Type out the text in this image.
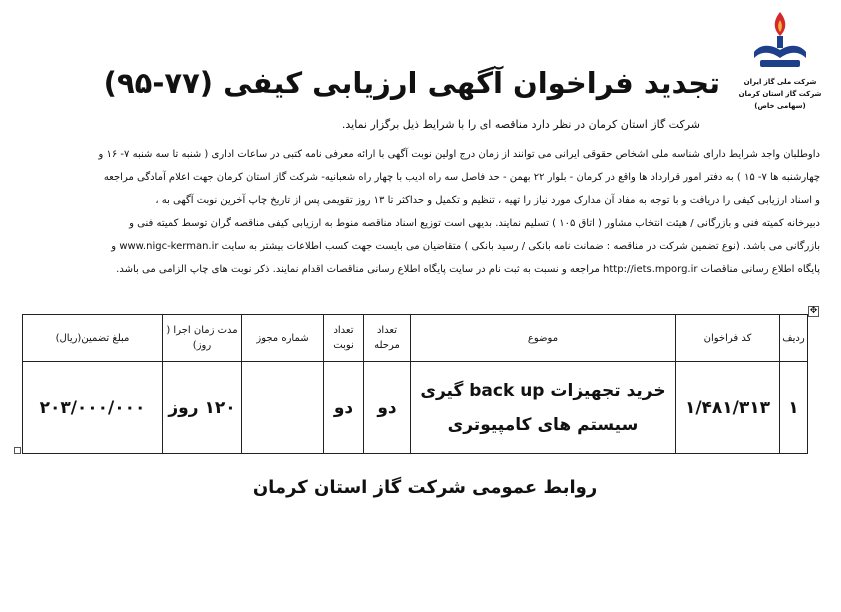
شرکت ملی گاز ایران
شرکت گاز استان کرمان
(سهامی خاص)
تجدید فراخوان آگهی ارزیابی کیفی (۷۷-۹۵)
شرکت گاز استان کرمان در نظر دارد مناقصه ای را با شرایط ذیل برگزار نماید.
داوطلبان واجد شرایط دارای شناسه ملی اشخاص حقوقی ایرانی می توانند از زمان درج اولین نوبت آگهی با ارائه معرفی نامه کتبی در ساعات اداری ( شنبه تا سه شنبه ۷- ۱۶ و
چهارشنبه ها ۷- ۱۵ ) به دفتر امور قرارداد ها واقع در کرمان - بلوار ۲۲ بهمن - حد فاصل سه راه ادیب با چهار راه شعبانیه- شرکت گاز استان کرمان جهت اعلام آمادگی مراجعه
و اسناد ارزیابی کیفی را دریافت و با توجه به مفاد آن مدارک مورد نیاز را تهیه ، تنظیم و تکمیل و حداکثر تا ۱۳ روز تقویمی پس از تاریخ چاپ آخرین نوبت آگهی به ،
دبیرخانه کمیته فنی و بازرگانی / هیئت انتخاب مشاور ( اتاق ۱۰۵ ) تسلیم نمایند. بدیهی است توزیع اسناد مناقصه منوط به ارزیابی کیفی مناقصه گران توسط کمیته فنی و
بازرگانی می باشد. (نوع تضمین شرکت در مناقصه : ضمانت نامه بانکی / رسید بانکی ) متقاضیان می بایست جهت کسب اطلاعات بیشتر به سایت www.nigc-kerman.ir و
پایگاه اطلاع رسانی مناقصات http://iets.mporg.ir مراجعه و نسبت به ثبت نام در سایت پایگاه اطلاع رسانی مناقصات اقدام نمایند. ذکر نوبت های چاپ الزامی می باشد.
✥
ردیف	کد فراخوان	موضوع	تعداد مرحله	تعداد نوبت	شماره مجوز	مدت زمان اجرا ( روز)	مبلغ تضمین(ریال)
۱	۱/۴۸۱/۳۱۳	خرید تجهیزات back up گیری
سیستم های کامپیوتری	دو	دو		۱۲۰ روز	۲۰۳/۰۰۰/۰۰۰
روابط عمومی شرکت گاز استان کرمان
